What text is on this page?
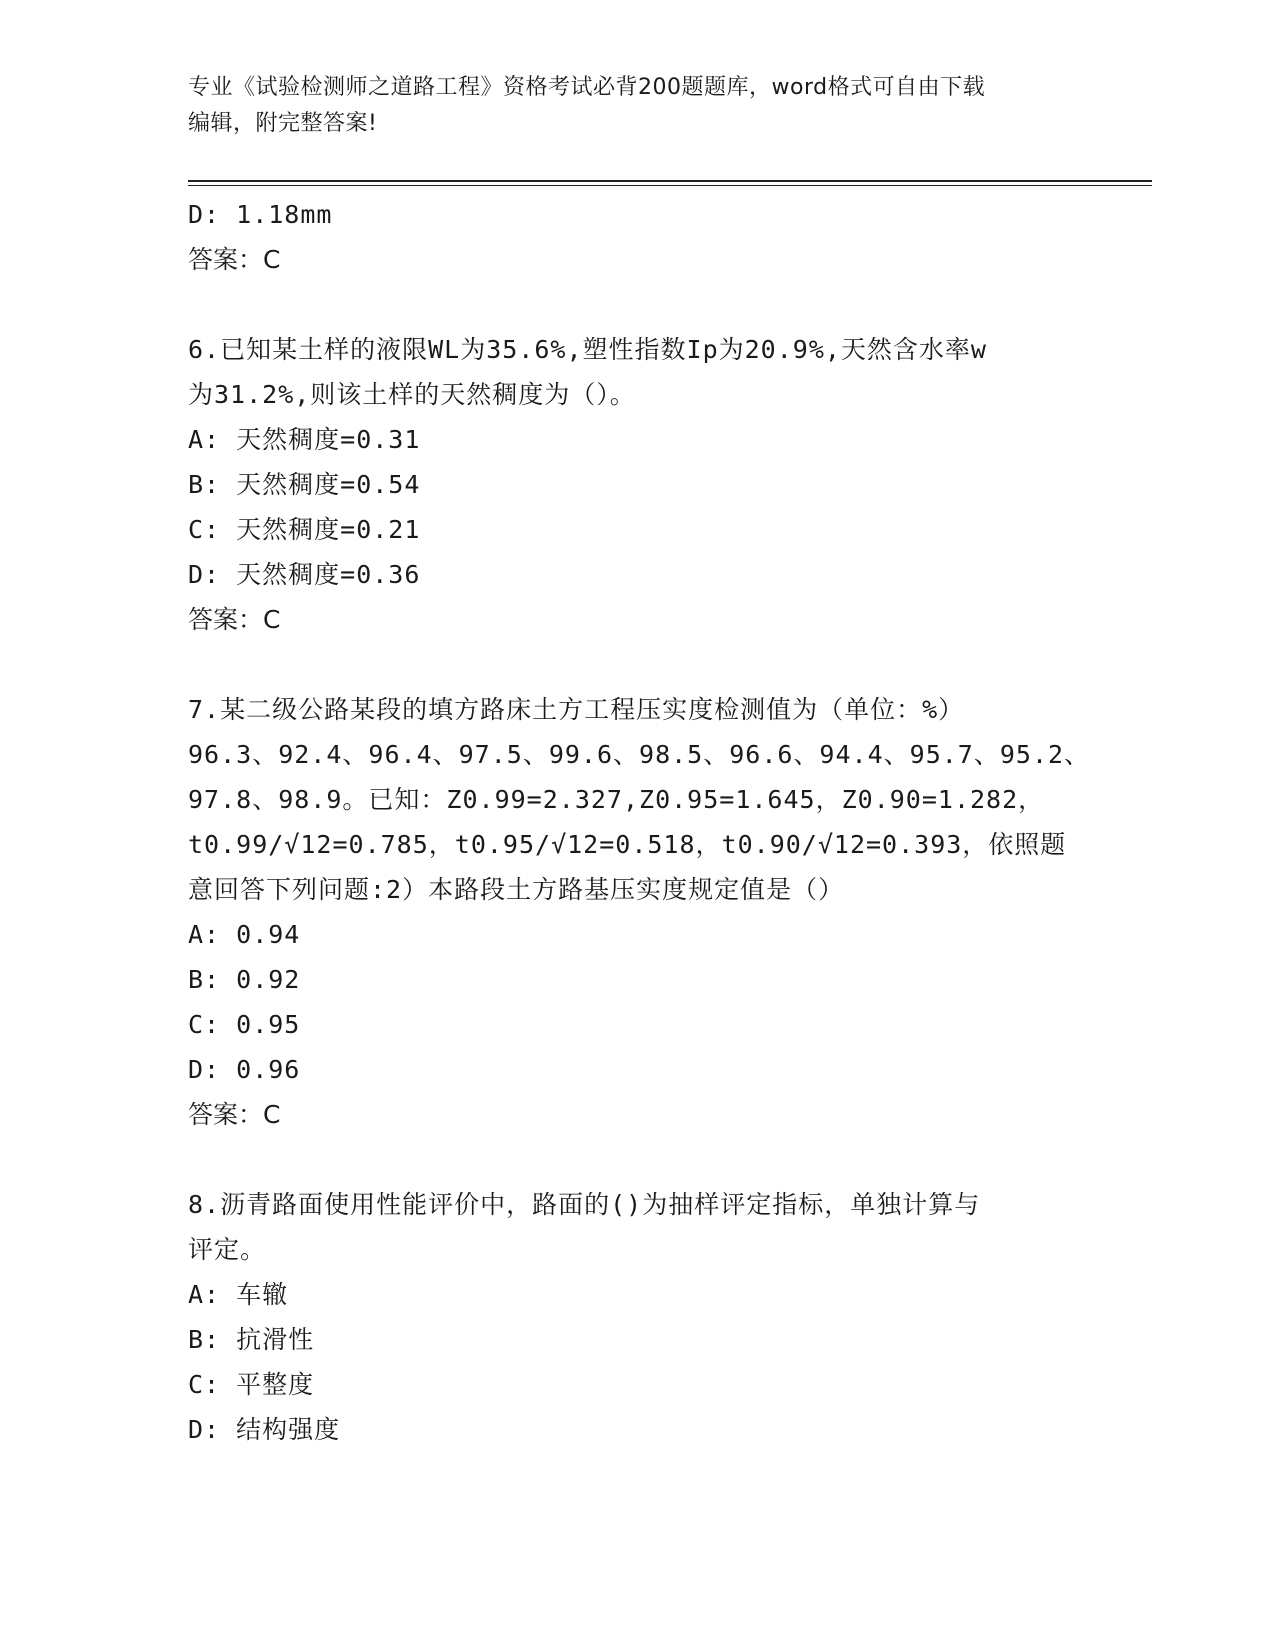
专业《试验检测师之道路工程》资格考试必背200题题库，word格式可自由下载
编辑，附完整答案!
D: 1.18mm
答案：C
6.已知某土样的液限WL为35.6%,塑性指数Ip为20.9%,天然含水率w
为31.2%,则该土样的天然稠度为（）。
A: 天然稠度=0.31
B: 天然稠度=0.54
C: 天然稠度=0.21
D: 天然稠度=0.36
答案：C
7.某二级公路某段的填方路床土方工程压实度检测值为（单位：%）
96.3、92.4、96.4、97.5、99.6、98.5、96.6、94.4、95.7、95.2、
97.8、98.9。已知：Z0.99=2.327,Z0.95=1.645，Z0.90=1.282，
t0.99/√12=0.785，t0.95/√12=0.518，t0.90/√12=0.393，依照题
意回答下列问题:2）本路段土方路基压实度规定值是（）
A: 0.94
B: 0.92
C: 0.95
D: 0.96
答案：C
8.沥青路面使用性能评价中，路面的()为抽样评定指标，单独计算与
评定。
A: 车辙
B: 抗滑性
C: 平整度
D: 结构强度
